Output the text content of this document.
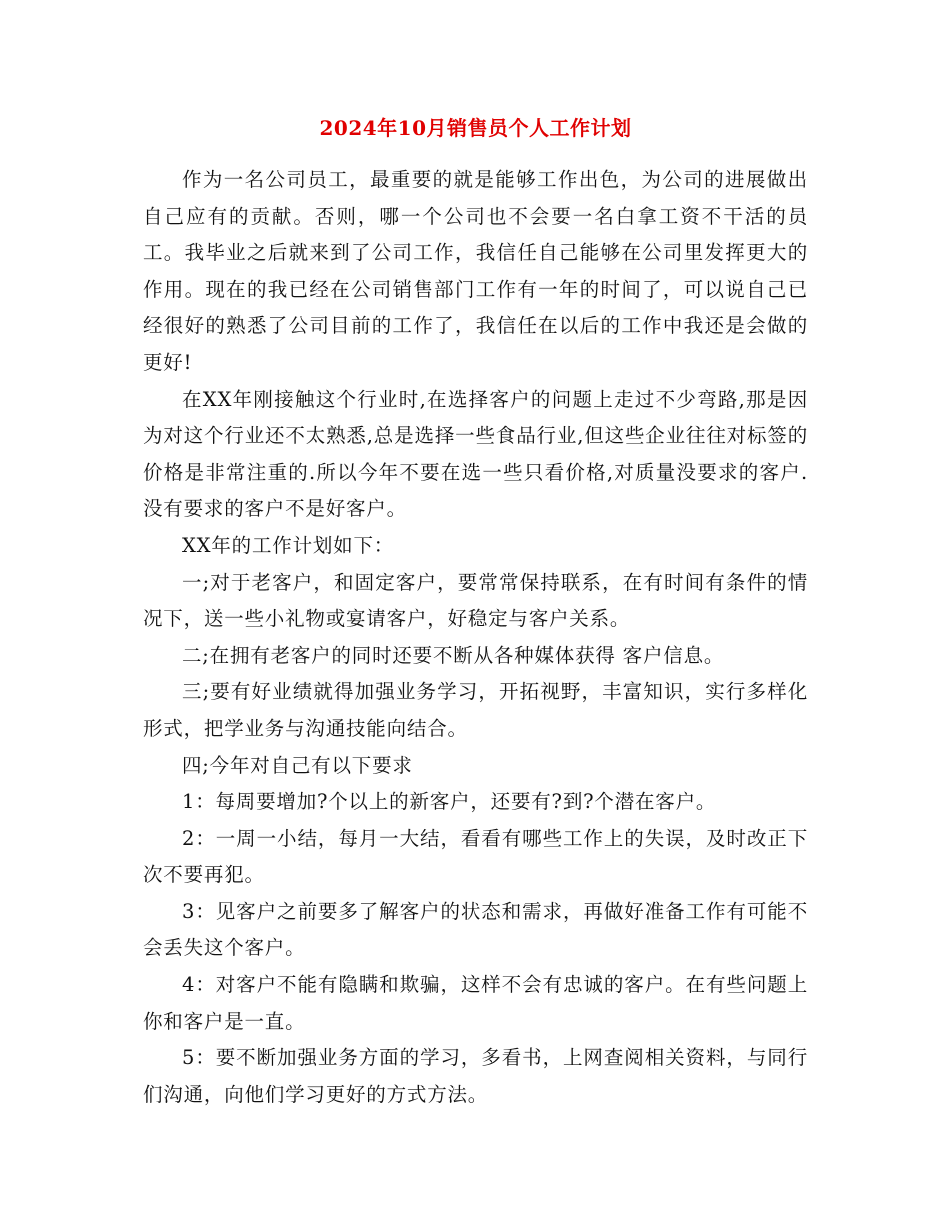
2024年10月销售员个人工作计划

作为一名公司员工，最重要的就是能够工作出色，为公司的进展做出自己应有的贡献。否则，哪一个公司也不会要一名白拿工资不干活的员工。我毕业之后就来到了公司工作，我信任自己能够在公司里发挥更大的作用。现在的我已经在公司销售部门工作有一年的时间了，可以说自己已经很好的熟悉了公司目前的工作了，我信任在以后的工作中我还是会做的更好!

在XX年刚接触这个行业时,在选择客户的问题上走过不少弯路,那是因为对这个行业还不太熟悉,总是选择一些食品行业,但这些企业往往对标签的价格是非常注重的.所以今年不要在选一些只看价格,对质量没要求的客户.没有要求的客户不是好客户。

XX年的工作计划如下：

一;对于老客户，和固定客户，要常常保持联系，在有时间有条件的情况下，送一些小礼物或宴请客户，好稳定与客户关系。

二;在拥有老客户的同时还要不断从各种媒体获得 客户信息。

三;要有好业绩就得加强业务学习，开拓视野，丰富知识，实行多样化形式，把学业务与沟通技能向结合。

四;今年对自己有以下要求

1：每周要增加?个以上的新客户，还要有?到?个潜在客户。

2：一周一小结，每月一大结，看看有哪些工作上的失误，及时改正下次不要再犯。

3：见客户之前要多了解客户的状态和需求，再做好准备工作有可能不会丢失这个客户。

4：对客户不能有隐瞒和欺骗，这样不会有忠诚的客户。在有些问题上你和客户是一直。

5：要不断加强业务方面的学习，多看书，上网查阅相关资料，与同行们沟通，向他们学习更好的方式方法。
